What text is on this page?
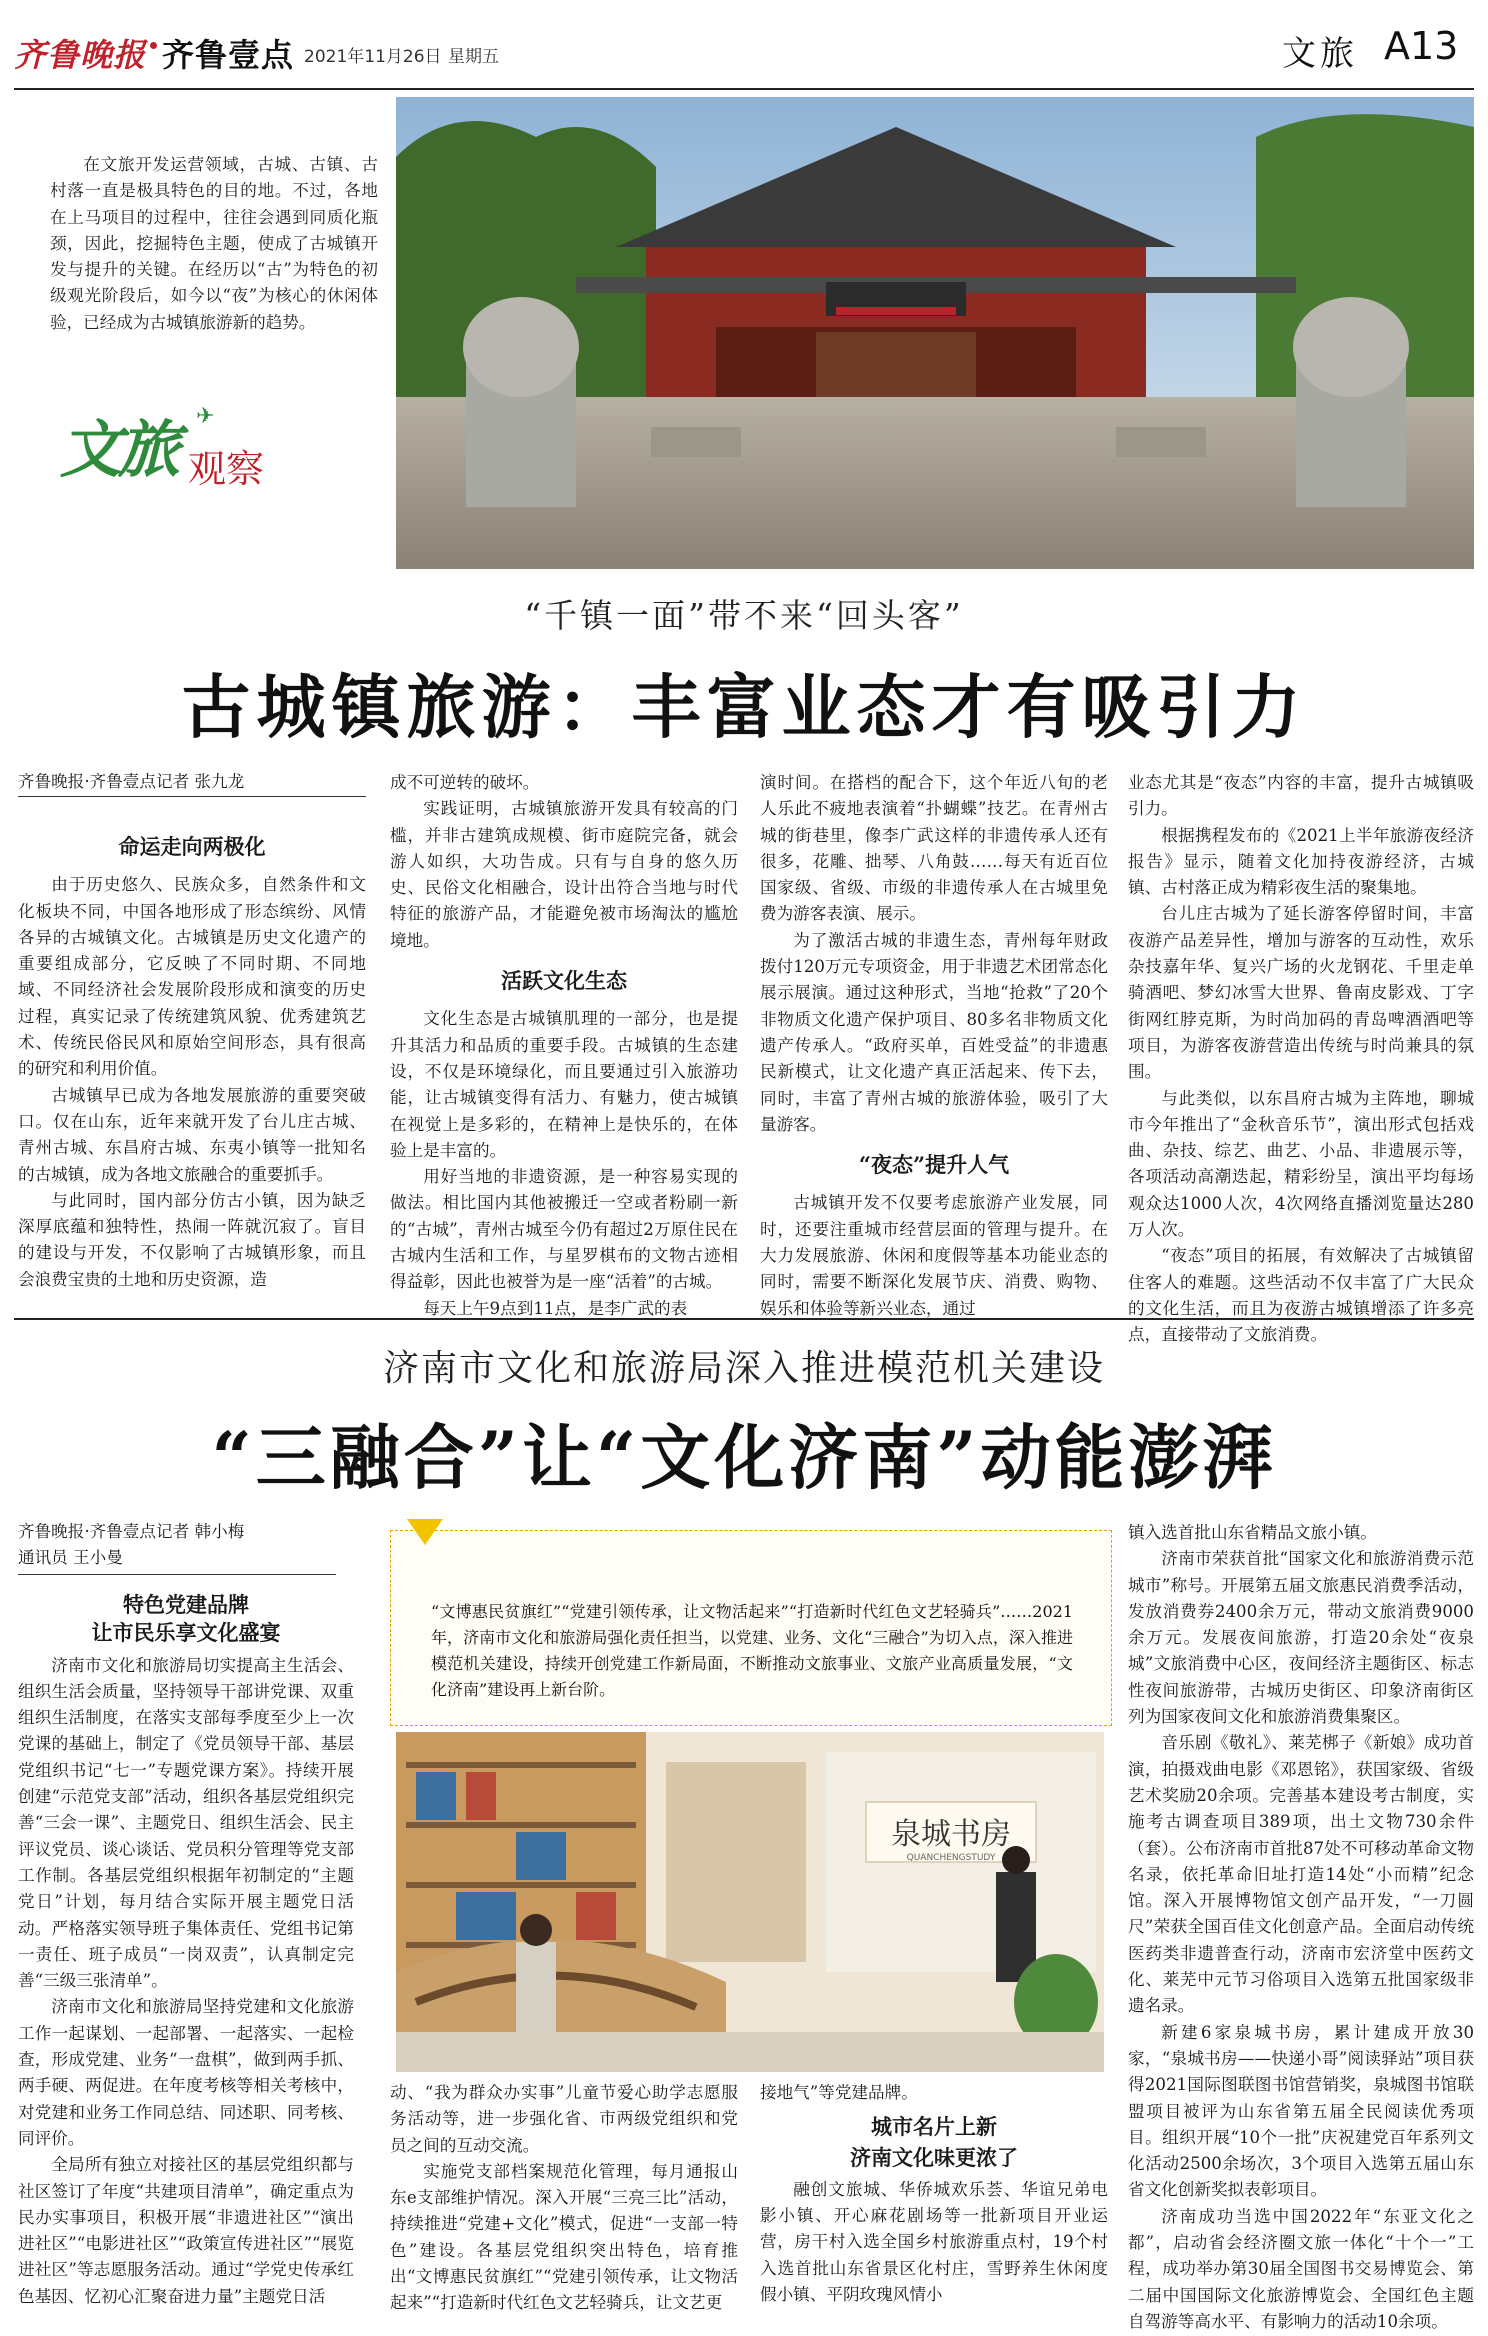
齐鲁晚报 齐鲁壹点 2021年11月26日 星期五	文旅 A13
在文旅开发运营领域，古城、古镇、古村落一直是极具特色的目的地。不过，各地在上马项目的过程中，往往会遇到同质化瓶颈，因此，挖掘特色主题，使成了古城镇开发与提升的关键。在经历以“古”为特色的初级观光阶段后，如今以“夜”为核心的休闲体验，已经成为古城镇旅游新的趋势。
文旅 观察
✈
“千镇一面”带不来“回头客”
古城镇旅游：丰富业态才有吸引力
齐鲁晚报·齐鲁壹点记者 张九龙
命运走向两极化

由于历史悠久、民族众多，自然条件和文化板块不同，中国各地形成了形态缤纷、风情各异的古城镇文化。古城镇是历史文化遗产的重要组成部分，它反映了不同时期、不同地域、不同经济社会发展阶段形成和演变的历史过程，真实记录了传统建筑风貌、优秀建筑艺术、传统民俗民风和原始空间形态，具有很高的研究和利用价值。

古城镇早已成为各地发展旅游的重要突破口。仅在山东，近年来就开发了台儿庄古城、青州古城、东昌府古城、东夷小镇等一批知名的古城镇，成为各地文旅融合的重要抓手。

与此同时，国内部分仿古小镇，因为缺乏深厚底蕴和独特性，热闹一阵就沉寂了。盲目的建设与开发，不仅影响了古城镇形象，而且会浪费宝贵的土地和历史资源，造

成不可逆转的破坏。

实践证明，古城镇旅游开发具有较高的门槛，并非古建筑成规模、街市庭院完备，就会游人如织，大功告成。只有与自身的悠久历史、民俗文化相融合，设计出符合当地与时代特征的旅游产品，才能避免被市场淘汰的尴尬境地。

活跃文化生态

文化生态是古城镇肌理的一部分，也是提升其活力和品质的重要手段。古城镇的生态建设，不仅是环境绿化，而且要通过引入旅游功能，让古城镇变得有活力、有魅力，使古城镇在视觉上是多彩的，在精神上是快乐的，在体验上是丰富的。

用好当地的非遗资源，是一种容易实现的做法。相比国内其他被搬迁一空或者粉刷一新的“古城”，青州古城至今仍有超过2万原住民在古城内生活和工作，与星罗棋布的文物古迹相得益彰，因此也被誉为是一座“活着”的古城。

每天上午9点到11点，是李广武的表

演时间。在搭档的配合下，这个年近八旬的老人乐此不疲地表演着“扑蝴蝶”技艺。在青州古城的街巷里，像李广武这样的非遗传承人还有很多，花雕、拙琴、八角鼓……每天有近百位国家级、省级、市级的非遗传承人在古城里免费为游客表演、展示。

为了激活古城的非遗生态，青州每年财政拨付120万元专项资金，用于非遗艺术团常态化展示展演。通过这种形式，当地“抢救”了20个非物质文化遗产保护项目、80多名非物质文化遗产传承人。“政府买单，百姓受益”的非遗惠民新模式，让文化遗产真正活起来、传下去，同时，丰富了青州古城的旅游体验，吸引了大量游客。

“夜态”提升人气

古城镇开发不仅要考虑旅游产业发展，同时，还要注重城市经营层面的管理与提升。在大力发展旅游、休闲和度假等基本功能业态的同时，需要不断深化发展节庆、消费、购物、娱乐和体验等新兴业态，通过

业态尤其是“夜态”内容的丰富，提升古城镇吸引力。

根据携程发布的《2021上半年旅游夜经济报告》显示，随着文化加持夜游经济，古城镇、古村落正成为精彩夜生活的聚集地。

台儿庄古城为了延长游客停留时间，丰富夜游产品差异性，增加与游客的互动性，欢乐杂技嘉年华、复兴广场的火龙钢花、千里走单骑酒吧、梦幻冰雪大世界、鲁南皮影戏、丁字街网红脖克斯，为时尚加码的青岛啤酒酒吧等项目，为游客夜游营造出传统与时尚兼具的氛围。

与此类似，以东昌府古城为主阵地，聊城市今年推出了“金秋音乐节”，演出形式包括戏曲、杂技、综艺、曲艺、小品、非遗展示等，各项活动高潮迭起，精彩纷呈，演出平均每场观众达1000人次，4次网络直播浏览量达280万人次。

“夜态”项目的拓展，有效解决了古城镇留住客人的难题。这些活动不仅丰富了广大民众的文化生活，而且为夜游古城镇增添了许多亮点，直接带动了文旅消费。

济南市文化和旅游局深入推进模范机关建设
“三融合”让“文化济南”动能澎湃
齐鲁晚报·齐鲁壹点记者 韩小梅
通讯员 王小曼
特色党建品牌
让市民乐享文化盛宴

济南市文化和旅游局切实提高主生活会、组织生活会质量，坚持领导干部讲党课、双重组织生活制度，在落实支部每季度至少上一次党课的基础上，制定了《党员领导干部、基层党组织书记“七一”专题党课方案》。持续开展创建“示范党支部”活动，组织各基层党组织完善“三会一课”、主题党日、组织生活会、民主评议党员、谈心谈话、党员积分管理等党支部工作制。各基层党组织根据年初制定的“主题党日”计划，每月结合实际开展主题党日活动。严格落实领导班子集体责任、党组书记第一责任、班子成员“一岗双责”，认真制定完善“三级三张清单”。

济南市文化和旅游局坚持党建和文化旅游工作一起谋划、一起部署、一起落实、一起检查，形成党建、业务“一盘棋”，做到两手抓、两手硬、两促进。在年度考核等相关考核中，对党建和业务工作同总结、同述职、同考核、同评价。

全局所有独立对接社区的基层党组织都与社区签订了年度“共建项目清单”，确定重点为民办实事项目，积极开展“非遗进社区”“演出进社区”“电影进社区”“政策宣传进社区”“展览进社区”等志愿服务活动。通过“学党史传承红色基因、忆初心汇聚奋进力量”主题党日活

“文博惠民贫旗红”“党建引领传承，让文物活起来”“打造新时代红色文艺轻骑兵”……2021年，济南市文化和旅游局强化责任担当，以党建、业务、文化“三融合”为切入点，深入推进模范机关建设，持续开创党建工作新局面，不断推动文旅事业、文旅产业高质量发展，“文化济南”建设再上新台阶。
泉城书房
QUANCHENGSTUDY

动、“我为群众办实事”儿童节爱心助学志愿服务活动等，进一步强化省、市两级党组织和党员之间的互动交流。

实施党支部档案规范化管理，每月通报山东e支部维护情况。深入开展“三亮三比”活动，持续推进“党建+文化”模式，促进“一支部一特色”建设。各基层党组织突出特色，培育推出“文博惠民贫旗红”“党建引领传承，让文物活起来”“打造新时代红色文艺轻骑兵，让文艺更

接地气”等党建品牌。
城市名片上新
济南文化味更浓了

融创文旅城、华侨城欢乐荟、华谊兄弟电影小镇、开心麻花剧场等一批新项目开业运营，房干村入选全国乡村旅游重点村，19个村入选首批山东省景区化村庄，雪野养生休闲度假小镇、平阴玫瑰风情小

镇入选首批山东省精品文旅小镇。

济南市荣获首批“国家文化和旅游消费示范城市”称号。开展第五届文旅惠民消费季活动，发放消费券2400余万元，带动文旅消费9000余万元。发展夜间旅游，打造20余处“夜泉城”文旅消费中心区，夜间经济主题街区、标志性夜间旅游带，古城历史街区、印象济南街区列为国家夜间文化和旅游消费集聚区。

音乐剧《敬礼》、莱芜梆子《新娘》成功首演，拍摄戏曲电影《邓恩铭》，获国家级、省级艺术奖励20余项。完善基本建设考古制度，实施考古调查项目389项，出土文物730余件（套）。公布济南市首批87处不可移动革命文物名录，依托革命旧址打造14处“小而精”纪念馆。深入开展博物馆文创产品开发，“一刀圆尺”荣获全国百佳文化创意产品。全面启动传统医药类非遗普查行动，济南市宏济堂中医药文化、莱芜中元节习俗项目入选第五批国家级非遗名录。

新建6家泉城书房，累计建成开放30家，“泉城书房——快递小哥”阅读驿站”项目获得2021国际图联图书馆营销奖，泉城图书馆联盟项目被评为山东省第五届全民阅读优秀项目。组织开展“10个一批”庆祝建党百年系列文化活动2500余场次，3个项目入选第五届山东省文化创新奖拟表彰项目。

济南成功当选中国2022年“东亚文化之都”，启动省会经济圈文旅一体化“十个一”工程，成功举办第30届全国图书交易博览会、第二届中国国际文化旅游博览会、全国红色主题自驾游等高水平、有影响力的活动10余项。
